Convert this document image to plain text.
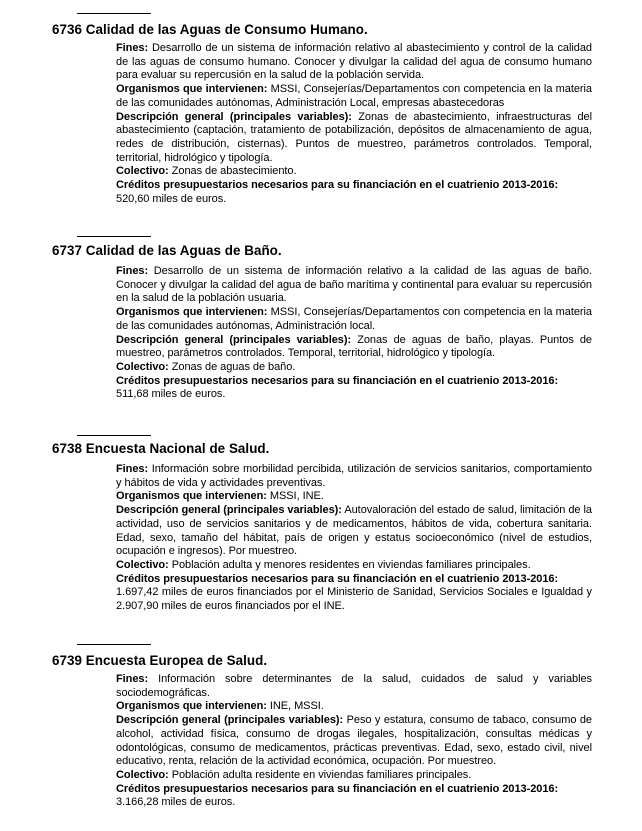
6736 Calidad de las Aguas de Consumo Humano.

Fines: Desarrollo de un sistema de información relativo al abastecimiento y control de la calidad de las aguas de consumo humano. Conocer y divulgar la calidad del agua de consumo humano para evaluar su repercusión en la salud de la población servida.

Organismos que intervienen: MSSI, Consejerías/Departamentos con competencia en la materia de las comunidades autónomas, Administración Local, empresas abastecedoras

Descripción general (principales variables): Zonas de abastecimiento, infraestructuras del abastecimiento (captación, tratamiento de potabilización, depósitos de almacenamiento de agua, redes de distribución, cisternas). Puntos de muestreo, parámetros controlados. Temporal, territorial, hidrológico y tipología.

Colectivo: Zonas de abastecimiento.

Créditos presupuestarios necesarios para su financiación en el cuatrienio 2013-2016:

520,60 miles de euros.

6737 Calidad de las Aguas de Baño.

Fines: Desarrollo de un sistema de información relativo a la calidad de las aguas de baño. Conocer y divulgar la calidad del agua de baño marítima y continental para evaluar su repercusión en la salud de la población usuaria.

Organismos que intervienen: MSSI, Consejerías/Departamentos con competencia en la materia de las comunidades autónomas, Administración local.

Descripción general (principales variables): Zonas de aguas de baño, playas. Puntos de muestreo, parámetros controlados. Temporal, territorial, hidrológico y tipología.

Colectivo: Zonas de aguas de baño.

Créditos presupuestarios necesarios para su financiación en el cuatrienio 2013-2016:

511,68 miles de euros.

6738 Encuesta Nacional de Salud.

Fines: Información sobre morbilidad percibida, utilización de servicios sanitarios, comportamiento y hábitos de vida y actividades preventivas.

Organismos que intervienen: MSSI, INE.

Descripción general (principales variables): Autovaloración del estado de salud, limitación de la actividad, uso de servicios sanitarios y de medicamentos, hábitos de vida, cobertura sanitaria. Edad, sexo, tamaño del hábitat, país de origen y estatus socioeconómico (nivel de estudios, ocupación e ingresos). Por muestreo.

Colectivo: Población adulta y menores residentes en viviendas familiares principales.

Créditos presupuestarios necesarios para su financiación en el cuatrienio 2013-2016:

1.697,42 miles de euros financiados por el Ministerio de Sanidad, Servicios Sociales e Igualdad y 2.907,90 miles de euros financiados por el INE.

6739 Encuesta Europea de Salud.

Fines: Información sobre determinantes de la salud, cuidados de salud y variables sociodemográficas.

Organismos que intervienen: INE, MSSI.

Descripción general (principales variables): Peso y estatura, consumo de tabaco, consumo de alcohol, actividad física, consumo de drogas ilegales, hospitalización, consultas médicas y odontológicas, consumo de medicamentos, prácticas preventivas. Edad, sexo, estado civil, nivel educativo, renta, relación de la actividad económica, ocupación. Por muestreo.

Colectivo: Población adulta residente en viviendas familiares principales.

Créditos presupuestarios necesarios para su financiación en el cuatrienio 2013-2016:

3.166,28 miles de euros.
